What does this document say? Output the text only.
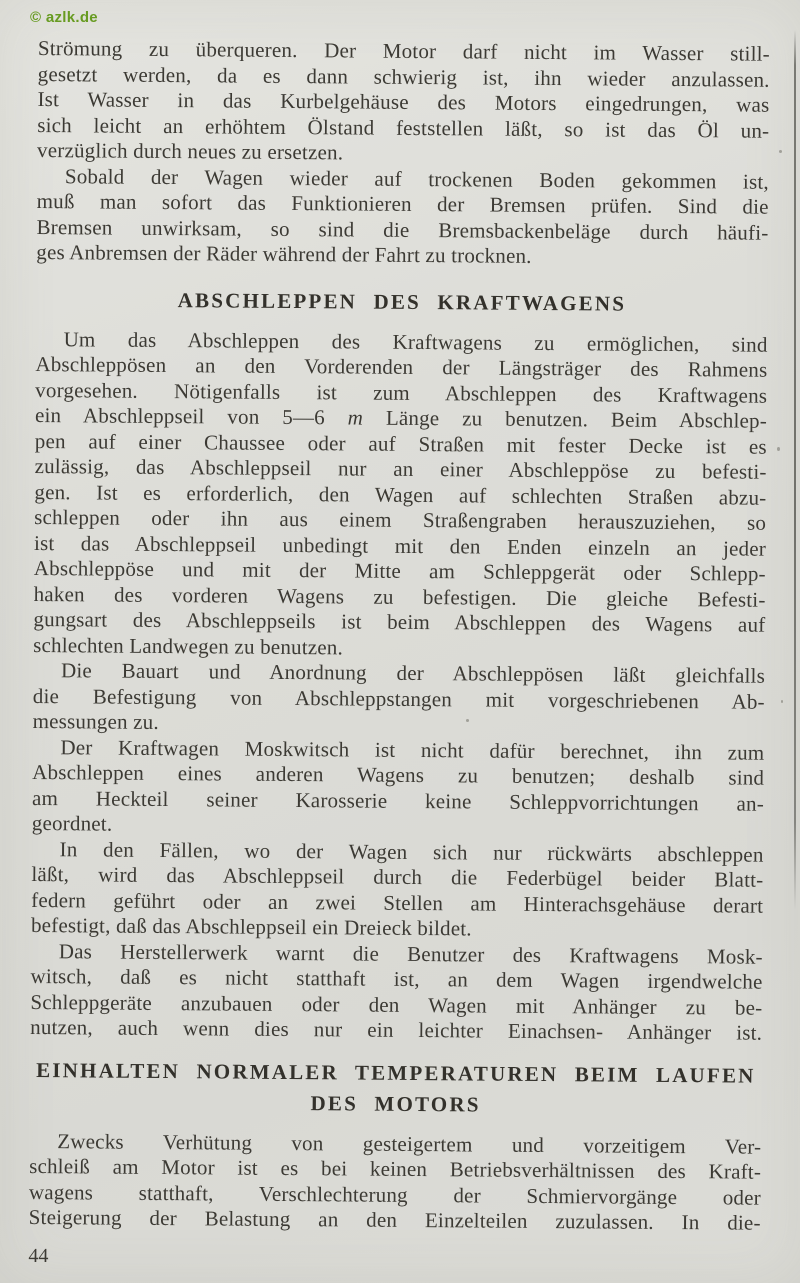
© azlk.de
Strömung zu überqueren. Der Motor darf nicht im Wasser still-
gesetzt werden, da es dann schwierig ist, ihn wieder anzulassen.
Ist Wasser in das Kurbelgehäuse des Motors eingedrungen, was
sich leicht an erhöhtem Ölstand feststellen läßt, so ist das Öl un-
verzüglich durch neues zu ersetzen.
Sobald der Wagen wieder auf trockenen Boden gekommen ist,
muß man sofort das Funktionieren der Bremsen prüfen. Sind die
Bremsen unwirksam, so sind die Bremsbackenbeläge durch häufi-
ges Anbremsen der Räder während der Fahrt zu trocknen.
ABSCHLEPPEN DES KRAFTWAGENS
Um das Abschleppen des Kraftwagens zu ermöglichen, sind
Abschleppösen an den Vorderenden der Längsträger des Rahmens
vorgesehen. Nötigenfalls ist zum Abschleppen des Kraftwagens
ein Abschleppseil von 5—6 m Länge zu benutzen. Beim Abschlep-
pen auf einer Chaussee oder auf Straßen mit fester Decke ist es
zulässig, das Abschleppseil nur an einer Abschleppöse zu befesti-
gen. Ist es erforderlich, den Wagen auf schlechten Straßen abzu-
schleppen oder ihn aus einem Straßengraben herauszuziehen, so
ist das Abschleppseil unbedingt mit den Enden einzeln an jeder
Abschleppöse und mit der Mitte am Schleppgerät oder Schlepp-
haken des vorderen Wagens zu befestigen. Die gleiche Befesti-
gungsart des Abschleppseils ist beim Abschleppen des Wagens auf
schlechten Landwegen zu benutzen.
Die Bauart und Anordnung der Abschleppösen läßt gleichfalls
die Befestigung von Abschleppstangen mit vorgeschriebenen Ab-
messungen zu.
Der Kraftwagen Moskwitsch ist nicht dafür berechnet, ihn zum
Abschleppen eines anderen Wagens zu benutzen; deshalb sind
am Heckteil seiner Karosserie keine Schleppvorrichtungen an-
geordnet.
In den Fällen, wo der Wagen sich nur rückwärts abschleppen
läßt, wird das Abschleppseil durch die Federbügel beider Blatt-
federn geführt oder an zwei Stellen am Hinterachsgehäuse derart
befestigt, daß das Abschleppseil ein Dreieck bildet.
Das Herstellerwerk warnt die Benutzer des Kraftwagens Mosk-
witsch, daß es nicht statthaft ist, an dem Wagen irgendwelche
Schleppgeräte anzubauen oder den Wagen mit Anhänger zu be-
nutzen, auch wenn dies nur ein leichter Einachsen- Anhänger ist.
EINHALTEN NORMALER TEMPERATUREN BEIM LAUFEN
DES MOTORS
Zwecks Verhütung von gesteigertem und vorzeitigem Ver-
schleiß am Motor ist es bei keinen Betriebsverhältnissen des Kraft-
wagens statthaft, Verschlechterung der Schmiervorgänge oder
Steigerung der Belastung an den Einzelteilen zuzulassen. In die-
44
